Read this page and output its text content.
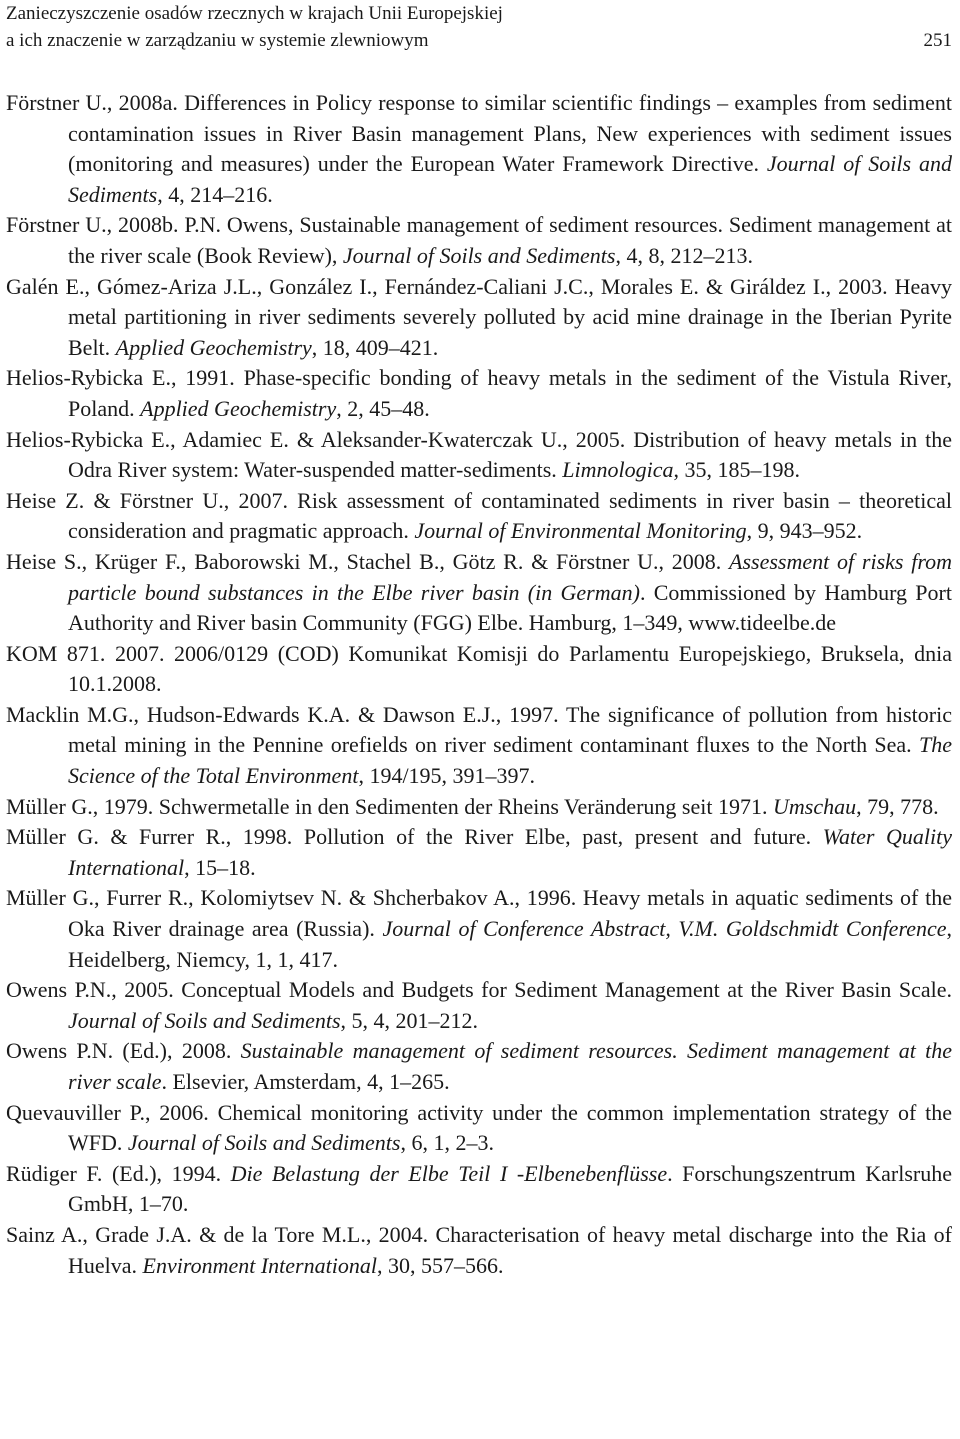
Zanieczyszczenie osadów rzecznych w krajach Unii Europejskiej
a ich znaczenie w zarządzaniu w systemie zlewniowym	251

Förstner U., 2008a. Differences in Policy response to similar scientific findings – examples from sediment contamination issues in River Basin management Plans, New experiences with sediment issues (monitoring and measures) under the European Water Framework Directive. Journal of Soils and Sediments, 4, 214–216.

Förstner U., 2008b. P.N. Owens, Sustainable management of sediment resources. Sediment management at the river scale (Book Review), Journal of Soils and Sediments, 4, 8, 212–213.

Galén E., Gómez-Ariza J.L., González I., Fernández-Caliani J.C., Morales E. & Giráldez I., 2003. Heavy metal partitioning in river sediments severely polluted by acid mine drainage in the Iberian Pyrite Belt. Applied Geochemistry, 18, 409–421.

Helios-Rybicka E., 1991. Phase-specific bonding of heavy metals in the sediment of the Vistula River, Poland. Applied Geochemistry, 2, 45–48.

Helios-Rybicka E., Adamiec E. & Aleksander-Kwaterczak U., 2005. Distribution of heavy metals in the Odra River system: Water-suspended matter-sediments. Limnologica, 35, 185–198.

Heise Z. & Förstner U., 2007. Risk assessment of contaminated sediments in river basin – theoretical consideration and pragmatic approach. Journal of Environmental Monitoring, 9, 943–952.

Heise S., Krüger F., Baborowski M., Stachel B., Götz R. & Förstner U., 2008. Assessment of risks from particle bound substances in the Elbe river basin (in German). Commissioned by Hamburg Port Authority and River basin Community (FGG) Elbe. Hamburg, 1–349, www.tideelbe.de

KOM 871. 2007. 2006/0129 (COD) Komunikat Komisji do Parlamentu Europejskiego, Bruksela, dnia 10.1.2008.

Macklin M.G., Hudson-Edwards K.A. & Dawson E.J., 1997. The significance of pollution from historic metal mining in the Pennine orefields on river sediment contaminant fluxes to the North Sea. The Science of the Total Environment, 194/195, 391–397.

Müller G., 1979. Schwermetalle in den Sedimenten der Rheins Veränderung seit 1971. Umschau, 79, 778.

Müller G. & Furrer R., 1998. Pollution of the River Elbe, past, present and future. Water Quality International, 15–18.

Müller G., Furrer R., Kolomiytsev N. & Shcherbakov A., 1996. Heavy metals in aquatic sediments of the Oka River drainage area (Russia). Journal of Conference Abstract, V.M. Goldschmidt Conference, Heidelberg, Niemcy, 1, 1, 417.

Owens P.N., 2005. Conceptual Models and Budgets for Sediment Management at the River Basin Scale. Journal of Soils and Sediments, 5, 4, 201–212.

Owens P.N. (Ed.), 2008. Sustainable management of sediment resources. Sediment management at the river scale. Elsevier, Amsterdam, 4, 1–265.

Quevauviller P., 2006. Chemical monitoring activity under the common implementation strategy of the WFD. Journal of Soils and Sediments, 6, 1, 2–3.

Rüdiger F. (Ed.), 1994. Die Belastung der Elbe Teil I -Elbenebenflüsse. Forschungszentrum Karlsruhe GmbH, 1–70.

Sainz A., Grade J.A. & de la Tore M.L., 2004. Characterisation of heavy metal discharge into the Ria of Huelva. Environment International, 30, 557–566.
